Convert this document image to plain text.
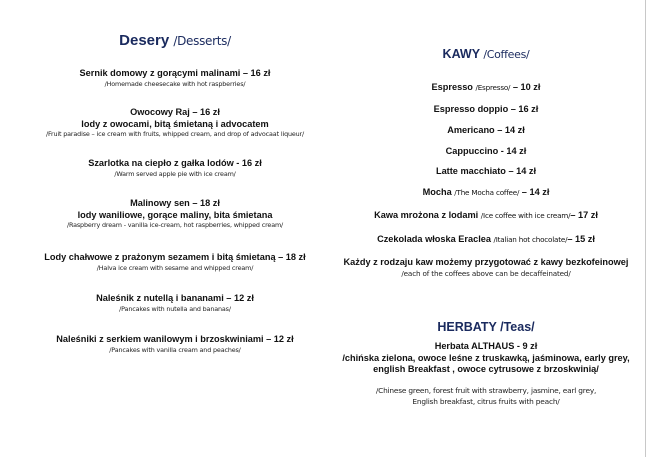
Desery /Desserts/
Sernik domowy z gorącymi malinami – 16 zł
/Homemade cheesecake with hot raspberries/
Owocowy Raj – 16 zł
lody z owocami, bitą śmietaną i advocatem
/Fruit paradise – ice cream with fruits, whipped cream, and drop of advocaat liqueur/
Szarlotka na ciepło z gałka lodów - 16 zł
/Warm served apple pie with ice cream/
Malinowy sen – 18 zł
lody waniliowe, gorące maliny, bita śmietana
/Raspberry dream - vanilla ice-cream, hot raspberries, whipped cream/
Lody chałwowe z prażonym sezamem i bitą śmietaną – 18 zł
/Halva ice cream with sesame and whipped cream/
Naleśnik z nutellą i bananami – 12 zł
/Pancakes with nutella and bananas/
Naleśniki z serkiem wanilowym i brzoskwiniami – 12 zł
/Pancakes with vanilla cream and peaches/
KAWY /Coffees/
Espresso /Espresso/ – 10 zł
Espresso doppio – 16 zł
Americano – 14 zł
Cappuccino - 14 zł
Latte macchiato – 14 zł
Mocha /The Mocha coffee/ – 14 zł
Kawa mrożona z lodami /Ice coffee with ice cream/– 17 zł
Czekolada włoska Eraclea /Italian hot chocolate/– 15 zł
Każdy z rodzaju kaw możemy przygotować z kawy bezkofeinowej
/each of the coffees above can be decaffeinated/
HERBATY /Teas/
Herbata ALTHAUS - 9 zł
/chińska zielona, owoce leśne z truskawką, jaśminowa, early grey,
english Breakfast , owoce cytrusowe z brzoskwinią/
/Chinese green, forest fruit with strawberry, jasmine, earl grey,
English breakfast, citrus fruits with peach/
